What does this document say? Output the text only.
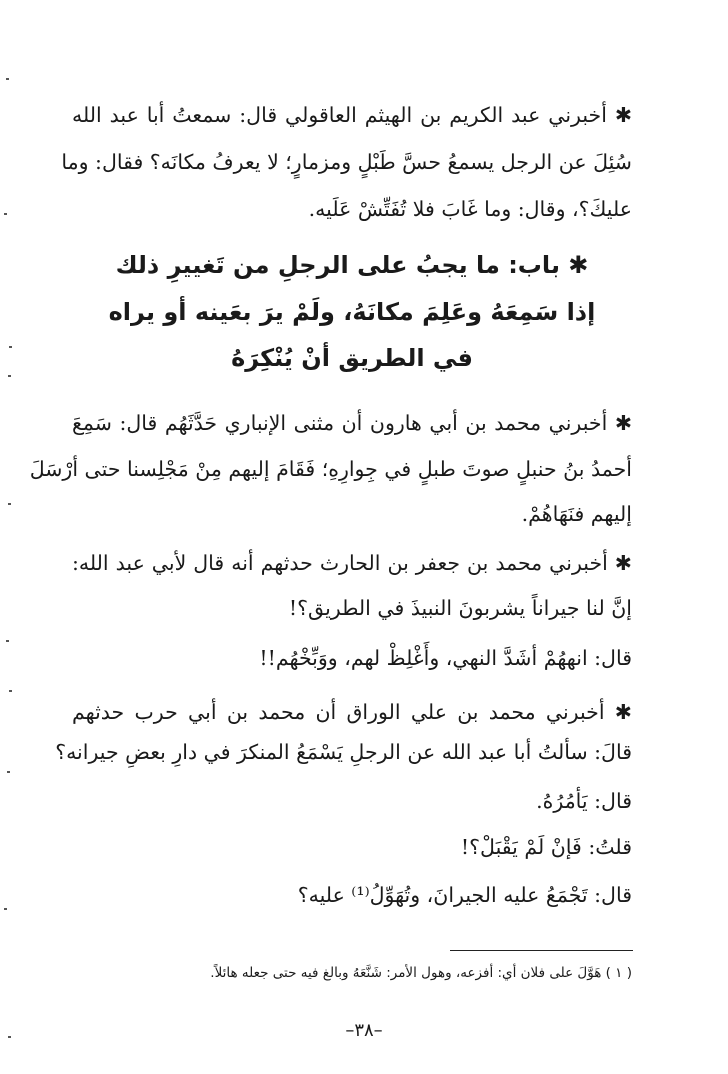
✱ أخبرني عبد الكريم بن الهيثم العاقولي قال: سمعتُ أبا عبد الله
سُئِلَ عن الرجل يسمعُ حسَّ طَبْلٍ ومزمارٍ؛ لا يعرفُ مكانَه؟ فقال: وما
عليكَ؟، وقال: وما غَابَ فلا تُفَتِّشْ عَلَيه.
✱ باب: ما يجبُ على الرجلِ من تَغييرِ ذلك
إذا سَمِعَهُ وعَلِمَ مكانَهُ، ولَمْ يرَ بعَينه أو يراه
في الطريق أنْ يُنْكِرَهُ
✱ أخبرني محمد بن أبي هارون أن مثنى الإنباري حَدَّثَهُم قال: سَمِعَ
أحمدُ بنُ حنبلٍ صوتَ طبلٍ في جِوارِهِ؛ فَقَامَ إليهم مِنْ مَجْلِسنا حتى أرْسَلَ
إليهم فنَهَاهُمْ.
✱ أخبرني محمد بن جعفر بن الحارث حدثهم أنه قال لأبي عبد الله:
إنَّ لنا جيراناً يشربونَ النبيذَ في الطريق؟!
قال: انههُمْ أشَدَّ النهي، وأَغْلِظْ لهم، ووَبِّخْهُم!!
✱ أخبرني محمد بن علي الوراق أن محمد بن أبي حرب حدثهم
قالَ: سألتُ أبا عبد الله عن الرجلِ يَسْمَعُ المنكرَ في دارِ بعضِ جيرانه؟
قال: يَأمُرُهُ.
قلتُ: فَإنْ لَمْ يَقْبَلْ؟!
قال: تَجْمَعُ عليه الجيرانَ، وتُهَوِّلُ⁽¹⁾ عليه؟
( ١ ) هَوَّلَ على فلان أي: أفزعه، وهول الأمر: شَنَّعَهُ وبالغ فيه حتى جعله هائلاً.
–٣٨–
